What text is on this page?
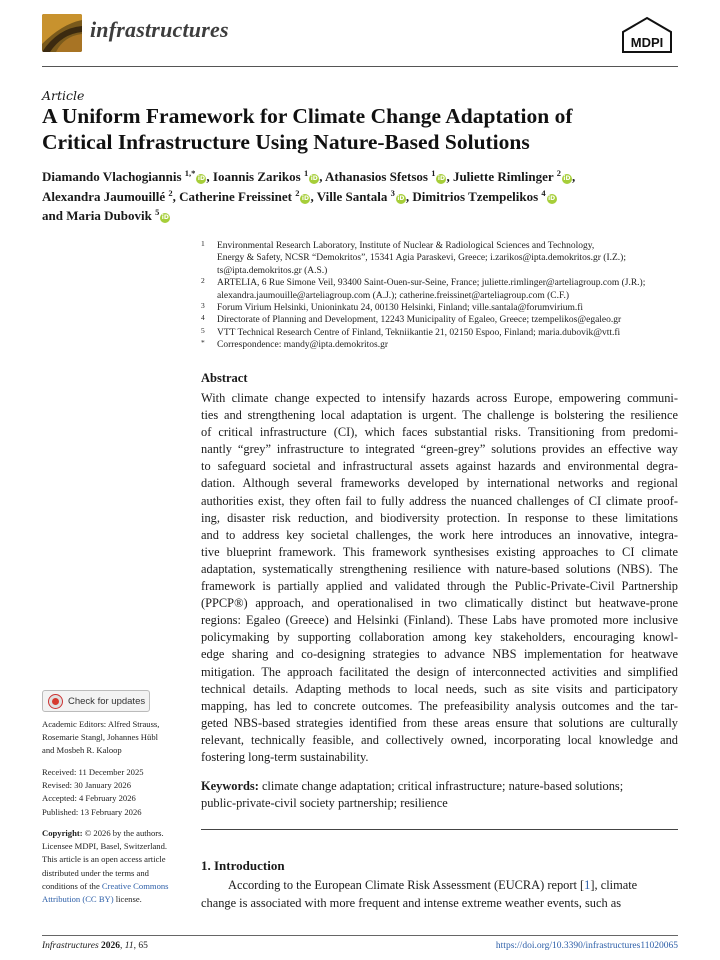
infrastructures
MDPI
Article
A Uniform Framework for Climate Change Adaptation of
Critical Infrastructure Using Nature-Based Solutions
Diamando Vlachogiannis $^{1,*}$iD, Ioannis Zarikos $^1$iD, Athanasios Sfetsos $^1$iD, Juliette Rimlinger $^2$iD,
Alexandra Jaumouillé $^2$, Catherine Freissinet $^2$iD, Ville Santala $^3$iD, Dimitrios Tzempelikos $^4$iD
and Maria Dubovik $^5$iD
1 Environmental Research Laboratory, Institute of Nuclear & Radiological Sciences and Technology,
Energy & Safety, NCSR “Demokritos”, 15341 Agia Paraskevi, Greece; i.zarikos@ipta.demokritos.gr (I.Z.);
ts@ipta.demokritos.gr (A.S.)
2 ARTELIA, 6 Rue Simone Veil, 93400 Saint-Ouen-sur-Seine, France; juliette.rimlinger@arteliagroup.com (J.R.);
alexandra.jaumouille@arteliagroup.com (A.J.); catherine.freissinet@arteliagroup.com (C.F.)
3 Forum Virium Helsinki, Unioninkatu 24, 00130 Helsinki, Finland; ville.santala@forumvirium.fi
4 Directorate of Planning and Development, 12243 Municipality of Egaleo, Greece; tzempelikos@egaleo.gr
5 VTT Technical Research Centre of Finland, Tekniikantie 21, 02150 Espoo, Finland; maria.dubovik@vtt.fi
* Correspondence: mandy@ipta.demokritos.gr
Abstract
With climate change expected to intensify hazards across Europe, empowering communi-
ties and strengthening local adaptation is urgent. The challenge is bolstering the resilience
of critical infrastructure (CI), which faces substantial risks. Transitioning from predomi-
nantly “grey” infrastructure to integrated “green-grey” solutions provides an effective way
to safeguard societal and infrastructural assets against hazards and environmental degra-
dation. Although several frameworks developed by international networks and regional
authorities exist, they often fail to fully address the nuanced challenges of CI climate proof-
ing, disaster risk reduction, and biodiversity protection. In response to these limitations
and to address key societal challenges, the work here introduces an innovative, integra-
tive blueprint framework. This framework synthesises existing approaches to CI climate
adaptation, systematically strengthening resilience with nature-based solutions (NBS). The
framework is partially applied and validated through the Public-Private-Civil Partnership
(PPCP®) approach, and operationalised in two climatically distinct but heatwave-prone
regions: Egaleo (Greece) and Helsinki (Finland). These Labs have promoted more inclusive
policymaking by supporting collaboration among key stakeholders, encouraging knowl-
edge sharing and co-designing strategies to advance NBS implementation for heatwave
mitigation. The approach facilitated the design of interconnected activities and simplified
technical details. Adapting methods to local needs, such as site visits and participatory
mapping, has led to concrete outcomes. The prefeasibility analysis outcomes and the tar-
geted NBS-based strategies identified from these areas ensure that solutions are culturally
relevant, technically feasible, and collectively owned, incorporating local knowledge and
fostering long-term sustainability.
Keywords: climate change adaptation; critical infrastructure; nature-based solutions;
public-private-civil society partnership; resilience
1. Introduction
According to the European Climate Risk Assessment (EUCRA) report [1], climate
change is associated with more frequent and intense extreme weather events, such as
Check for updates
Academic Editors: Alfred Strauss,
Rosemarie Stangl, Johannes Hübl
and Mosbeh R. Kaloop
Received: 11 December 2025
Revised: 30 January 2026
Accepted: 4 February 2026
Published: 13 February 2026
Copyright: © 2026 by the authors.
Licensee MDPI, Basel, Switzerland.
This article is an open access article
distributed under the terms and
conditions of the Creative Commons
Attribution (CC BY) license.
Infrastructures 2026, 11, 65	https://doi.org/10.3390/infrastructures11020065
